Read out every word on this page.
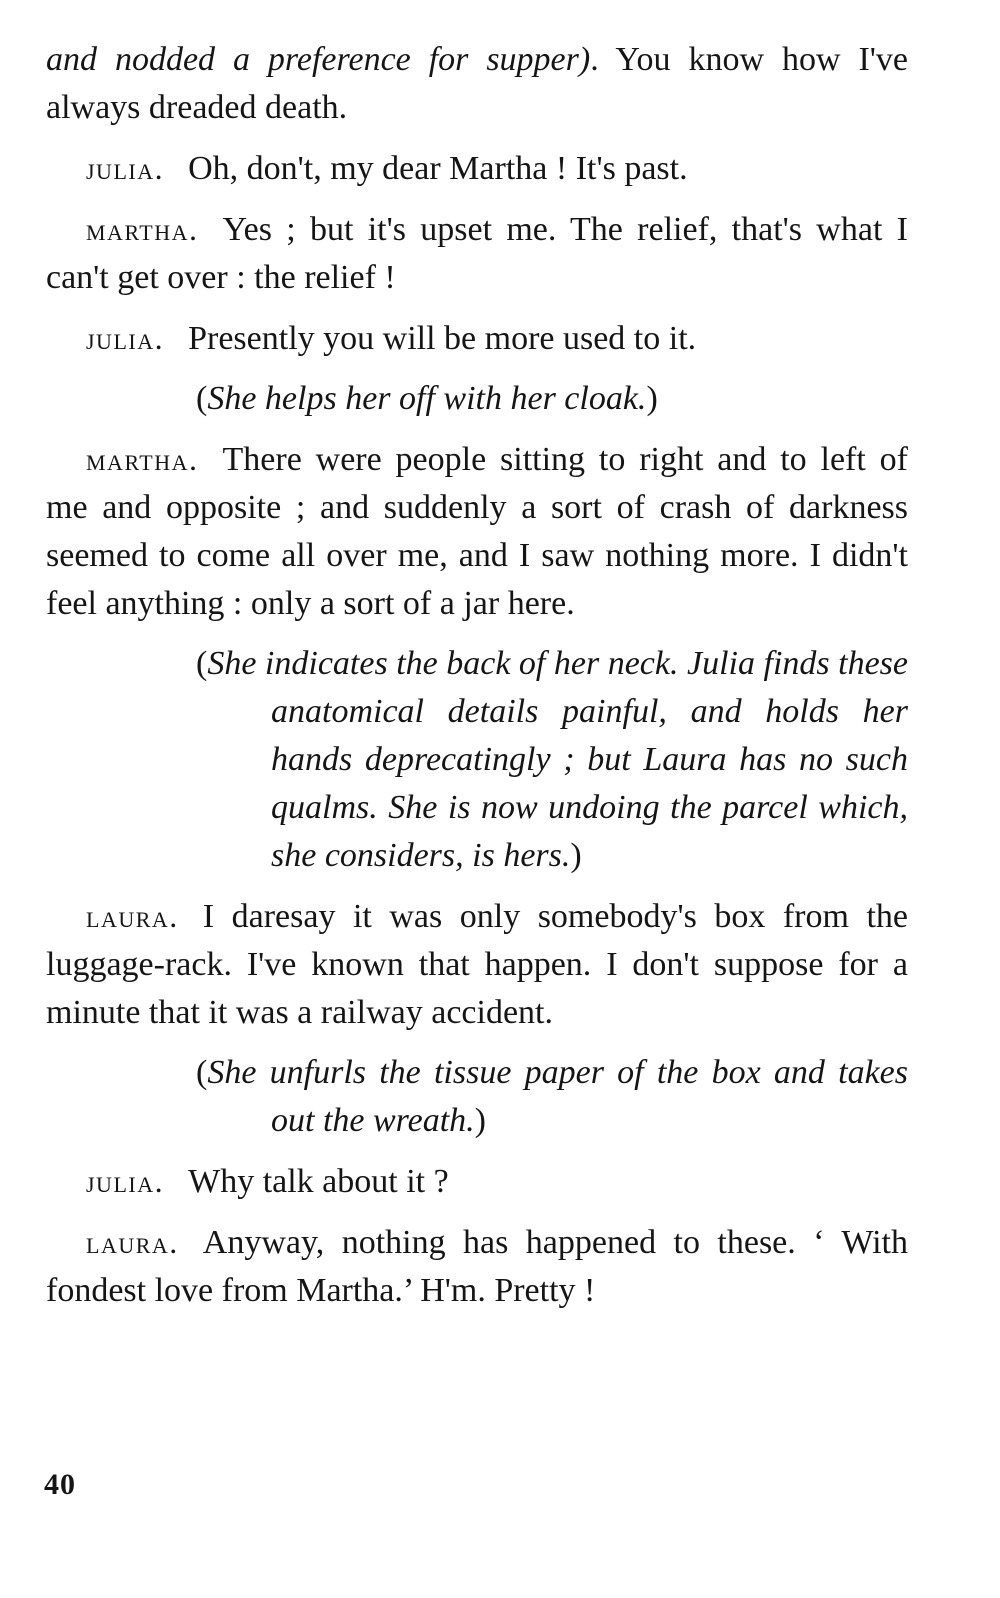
and nodded a preference for supper). You know how I've always dreaded death.

julia. Oh, don't, my dear Martha ! It's past.

martha. Yes ; but it's upset me. The relief, that's what I can't get over : the relief !

julia. Presently you will be more used to it.

(She helps her off with her cloak.)

martha. There were people sitting to right and to left of me and opposite ; and suddenly a sort of crash of darkness seemed to come all over me, and I saw nothing more. I didn't feel anything : only a sort of a jar here.

(She indicates the back of her neck. Julia finds these anatomical details painful, and holds her hands deprecatingly ; but Laura has no such qualms. She is now undoing the parcel which, she considers, is hers.)

laura. I daresay it was only somebody's box from the luggage-rack. I've known that happen. I don't suppose for a minute that it was a railway accident.

(She unfurls the tissue paper of the box and takes out the wreath.)

julia. Why talk about it ?

laura. Anyway, nothing has happened to these. ‘ With fondest love from Martha.’ H'm. Pretty !

40
